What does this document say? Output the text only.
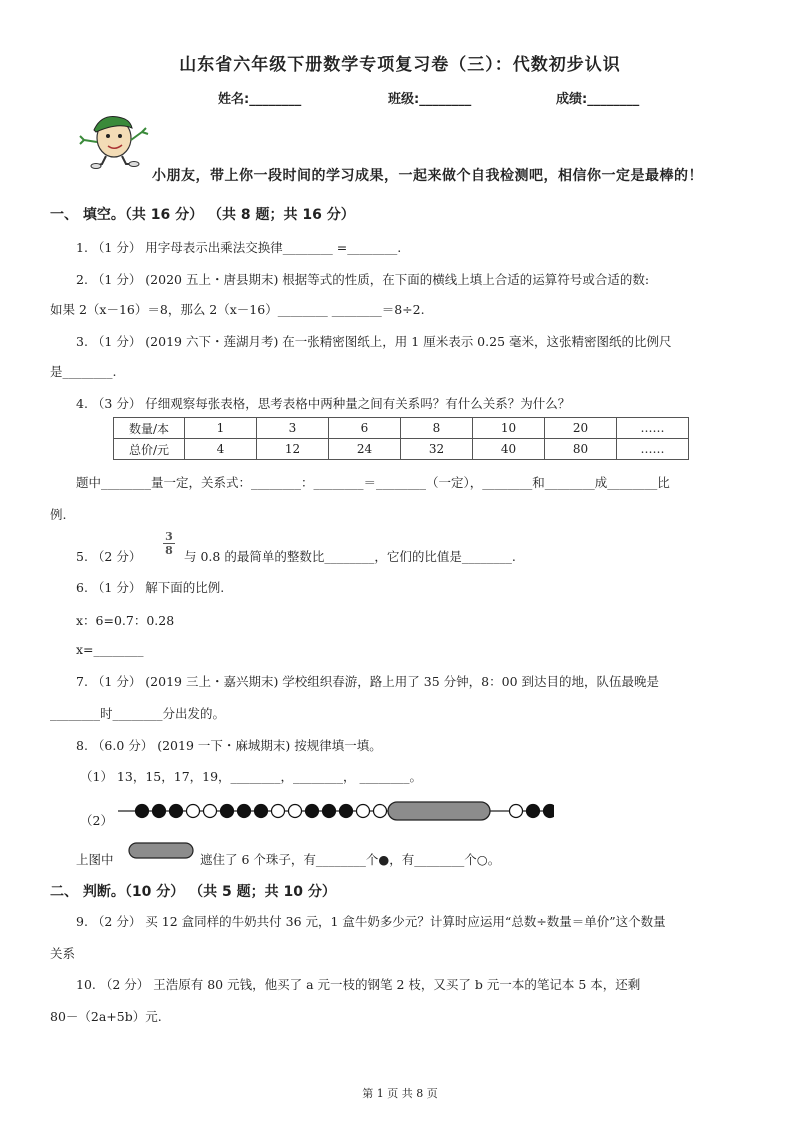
山东省六年级下册数学专项复习卷（三）：代数初步认识
姓名:________	班级:________	成绩:________
小朋友，带上你一段时间的学习成果，一起来做个自我检测吧，相信你一定是最棒的！
一、 填空。（共 16 分） （共 8 题；共 16 分）
1. （1 分） 用字母表示出乘法交换律________ =________.
2. （1 分） (2020 五上・唐县期末) 根据等式的性质，在下面的横线上填上合适的运算符号或合适的数:
如果 2（x－16）＝8，那么 2（x－16）________ ________＝8÷2.
3. （1 分） (2019 六下・莲湖月考) 在一张精密图纸上，用 1 厘米表示 0.25 毫米，这张精密图纸的比例尺
是________.
4. （3 分） 仔细观察每张表格，思考表格中两种量之间有关系吗？有什么关系？为什么？
数量/本	1	3	6	8	10	20	……
总价/元	4	12	24	32	40	80	……
题中________量一定，关系式：________：________＝________（一定），________和________成________比
例.
5. （2 分）
3
8 与 0.8 的最简单的整数比________，它们的比值是________.
6. （1 分） 解下面的比例.
x：6=0.7：0.28
x=________
7. （1 分） (2019 三上・嘉兴期末) 学校组织春游，路上用了 35 分钟，8：00 到达目的地，队伍最晚是
________时________分出发的。
8. （6.0 分） (2019 一下・麻城期末) 按规律填一填。
（1） 13，15，17，19，________，________， ________。
（2）
上图中	遮住了 6 个珠子，有________个●，有________个○。
二、 判断。（10 分） （共 5 题；共 10 分）
9. （2 分） 买 12 盒同样的牛奶共付 36 元，1 盒牛奶多少元？计算时应运用“总数÷数量＝单价”这个数量
关系
10. （2 分） 王浩原有 80 元钱，他买了 a 元一枝的钢笔 2 枝，又买了 b 元一本的笔记本 5 本，还剩
80－（2a+5b）元.
第 1 页 共 8 页
